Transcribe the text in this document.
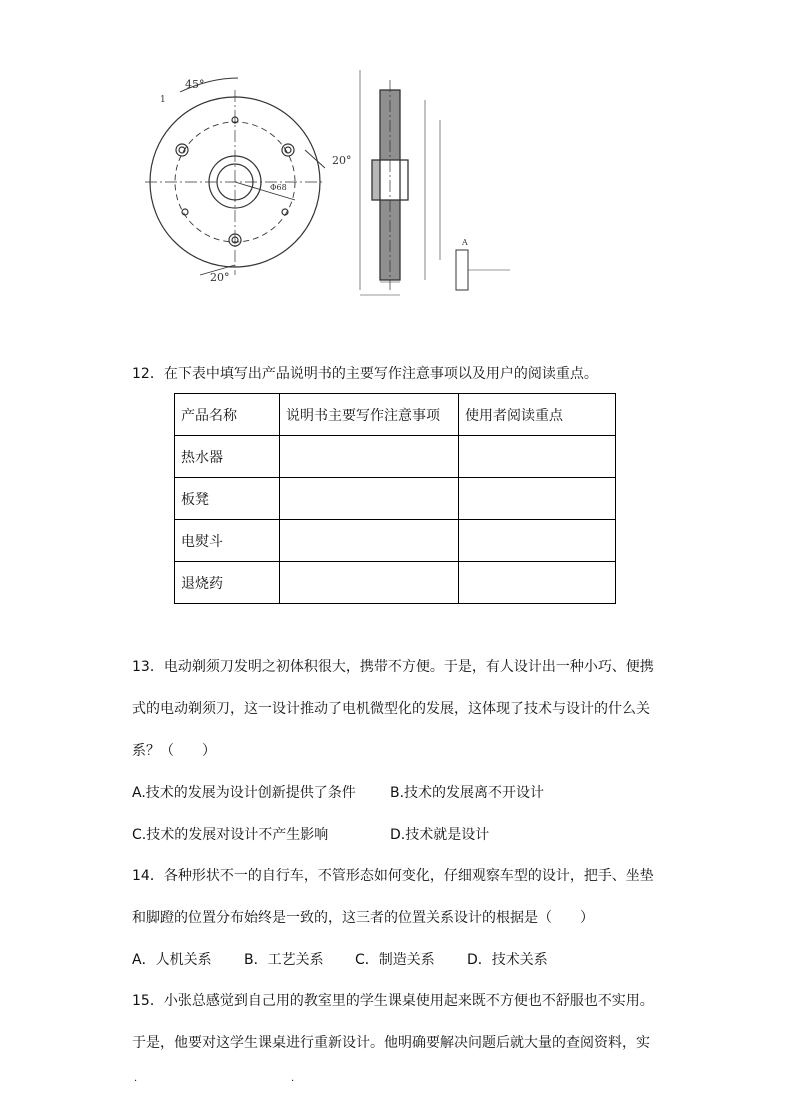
45°
20°
20°
Φ68
1
A
12．在下表中填写出产品说明书的主要写作注意事项以及用户的阅读重点。
产品名称	说明书主要写作注意事项	使用者阅读重点
热水器		
板凳		
电熨斗		
退烧药		
13．电动剃须刀发明之初体积很大，携带不方便。于是，有人设计出一种小巧、便携
式的电动剃须刀，这一设计推动了电机微型化的发展，这体现了技术与设计的什么关
系？（　　）
A.技术的发展为设计创新提供了条件 B.技术的发展离不开设计
C.技术的发展对设计不产生影响	D.技术就是设计
14．各种形状不一的自行车，不管形态如何变化，仔细观察车型的设计，把手、坐垫
和脚蹬的位置分布始终是一致的，这三者的位置关系设计的根据是（　　）
A．人机关系 B．工艺关系 C．制造关系 D．技术关系
15．小张总感觉到自己用的教室里的学生课桌使用起来既不方便也不舒服也不实用。
于是，他要对这学生课桌进行重新设计。他明确要解决问题后就大量的查阅资料，实
·	·
